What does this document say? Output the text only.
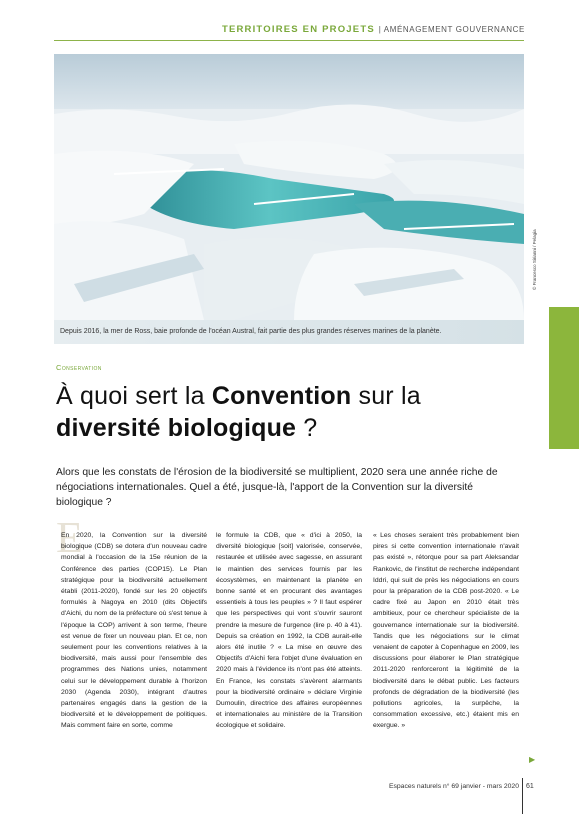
TERRITOIRES EN PROJETS | AMÉNAGEMENT GOUVERNANCE
© Francesco Sirianni / Pelagia
Depuis 2016, la mer de Ross, baie profonde de l'océan Austral, fait partie des plus grandes réserves marines de la planète.
Conservation
À quoi sert la Convention sur la
diversité biologique ?
Alors que les constats de l'érosion de la biodiversité se multiplient, 2020 sera une année riche de négociations internationales. Quel a été, jusque-là, l'apport de la Convention sur la diversité biologique ?
E
En 2020, la Convention sur la diversité biologique (CDB) se dotera d'un nouveau cadre mondial à l'occasion de la 15e réunion de la Conférence des parties (COP15). Le Plan stratégique pour la biodiversité actuellement établi (2011-2020), fondé sur les 20 objectifs formulés à Nagoya en 2010 (dits Objectifs d'Aichi, du nom de la préfecture où s'est tenue à l'époque la COP) arrivent à son terme, l'heure est venue de fixer un nouveau plan. Et ce, non seulement pour les conventions relatives à la biodiversité, mais aussi pour l'ensemble des programmes des Nations unies, notamment celui sur le développement durable à l'horizon 2030 (Agenda 2030), intégrant d'autres partenaires engagés dans la gestion de la biodiversité et le développement de politiques. Mais comment faire en sorte, comme
le formule la CDB, que « d'ici à 2050, la diversité biologique [soit] valorisée, conservée, restaurée et utilisée avec sagesse, en assurant le maintien des services fournis par les écosystèmes, en maintenant la planète en bonne santé et en procurant des avantages essentiels à tous les peuples » ? Il faut espérer que les perspectives qui vont s'ouvrir sauront prendre la mesure de l'urgence (lire p. 40 à 41). Depuis sa création en 1992, la CDB aurait-elle alors été inutile ? « La mise en œuvre des Objectifs d'Aichi fera l'objet d'une évaluation en 2020 mais à l'évidence ils n'ont pas été atteints. En France, les constats s'avèrent alarmants pour la biodiversité ordinaire » déclare Virginie Dumoulin, directrice des affaires européennes et internationales au ministère de la Transition écologique et solidaire.
« Les choses seraient très probablement bien pires si cette convention internationale n'avait pas existé », rétorque pour sa part Aleksandar Rankovic, de l'institut de recherche indépendant Iddri, qui suit de près les négociations en cours pour la préparation de la CDB post-2020. « Le cadre fixé au Japon en 2010 était très ambitieux, pour ce chercheur spécialiste de la gouvernance internationale sur la biodiversité. Tandis que les négociations sur le climat venaient de capoter à Copenhague en 2009, les discussions pour élaborer le Plan stratégique 2011-2020 renforceront la légitimité de la biodiversité dans le débat public. Les facteurs profonds de dégradation de la biodiversité (les pollutions agricoles, la surpêche, la consommation excessive, etc.) étaient mis en exergue. »
▶
Espaces naturels n° 69 janvier - mars 2020 61
